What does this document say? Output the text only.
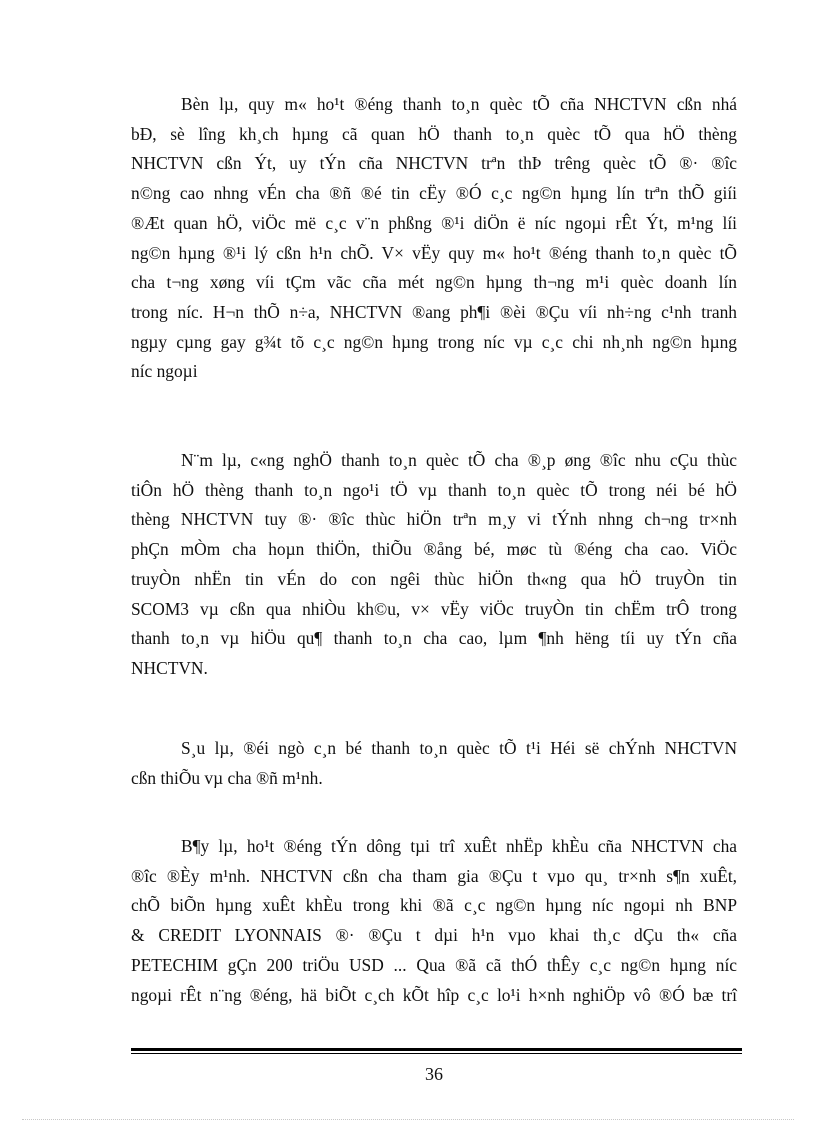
Bèn lµ, quy m« ho¹t ®éng thanh to¸n quèc tÕ cña NHCTVN cßn nhá
bÐ, sè lîng kh¸ch hµng cã quan hÖ thanh to¸n quèc tÕ qua hÖ thèng
NHCTVN cßn Ýt, uy tÝn cña NHCTVN trªn thÞ trêng quèc tÕ ®· ®îc
n©ng cao nhng vÉn cha ®ñ ®é tin cËy ®Ó c¸c ng©n hµng lín trªn thÕ giíi
®Æt quan hÖ, viÖc më c¸c v¨n phßng ®¹i diÖn ë níc ngoµi rÊt Ýt, m¹ng líi
ng©n hµng ®¹i lý cßn h¹n chÕ. V× vËy quy m« ho¹t ®éng thanh to¸n quèc tÕ
cha t¬ng xøng víi tÇm vãc cña mét ng©n hµng th¬ng m¹i quèc doanh lín
trong níc. H¬n thÕ n÷a, NHCTVN ®ang ph¶i ®èi ®Çu víi nh÷ng c¹nh tranh
ngµy cµng gay g¾t tõ c¸c ng©n hµng trong níc vµ c¸c chi nh¸nh ng©n hµng
níc ngoµi

N¨m lµ, c«ng nghÖ thanh to¸n quèc tÕ cha ®¸p øng ®îc nhu cÇu thùc
tiÔn hÖ thèng thanh to¸n ngo¹i tÖ vµ thanh to¸n quèc tÕ trong néi bé hÖ
thèng NHCTVN tuy ®· ®îc thùc hiÖn trªn m¸y vi tÝnh nhng ch¬ng tr×nh
phÇn mÒm cha hoµn thiÖn, thiÕu ®ång bé, møc tù ®éng cha cao. ViÖc
truyÒn nhËn tin vÉn do con ngêi thùc hiÖn th«ng qua hÖ truyÒn tin
SCOM3 vµ cßn qua nhiÒu kh©u, v× vËy viÖc truyÒn tin chËm trÔ trong
thanh to¸n vµ hiÖu qu¶ thanh to¸n cha cao, lµm ¶nh hëng tíi uy tÝn cña
NHCTVN.

S¸u lµ, ®éi ngò c¸n bé thanh to¸n quèc tÕ t¹i Héi së chÝnh NHCTVN
cßn thiÕu vµ cha ®ñ m¹nh.

B¶y lµ, ho¹t ®éng tÝn dông tµi trî xuÊt nhËp khÈu cña NHCTVN cha
®îc ®Èy m¹nh. NHCTVN cßn cha tham gia ®Çu t vµo qu¸ tr×nh s¶n xuÊt,
chÕ biÕn hµng xuÊt khÈu trong khi ®ã c¸c ng©n hµng níc ngoµi nh BNP
& CREDIT LYONNAIS ®· ®Çu t dµi h¹n vµo khai th¸c dÇu th« cña
PETECHIM gÇn 200 triÖu USD ... Qua ®ã cã thÓ thÊy c¸c ng©n hµng níc
ngoµi rÊt n¨ng ®éng, hä biÕt c¸ch kÕt hîp c¸c lo¹i h×nh nghiÖp vô ®Ó bæ trî

36
